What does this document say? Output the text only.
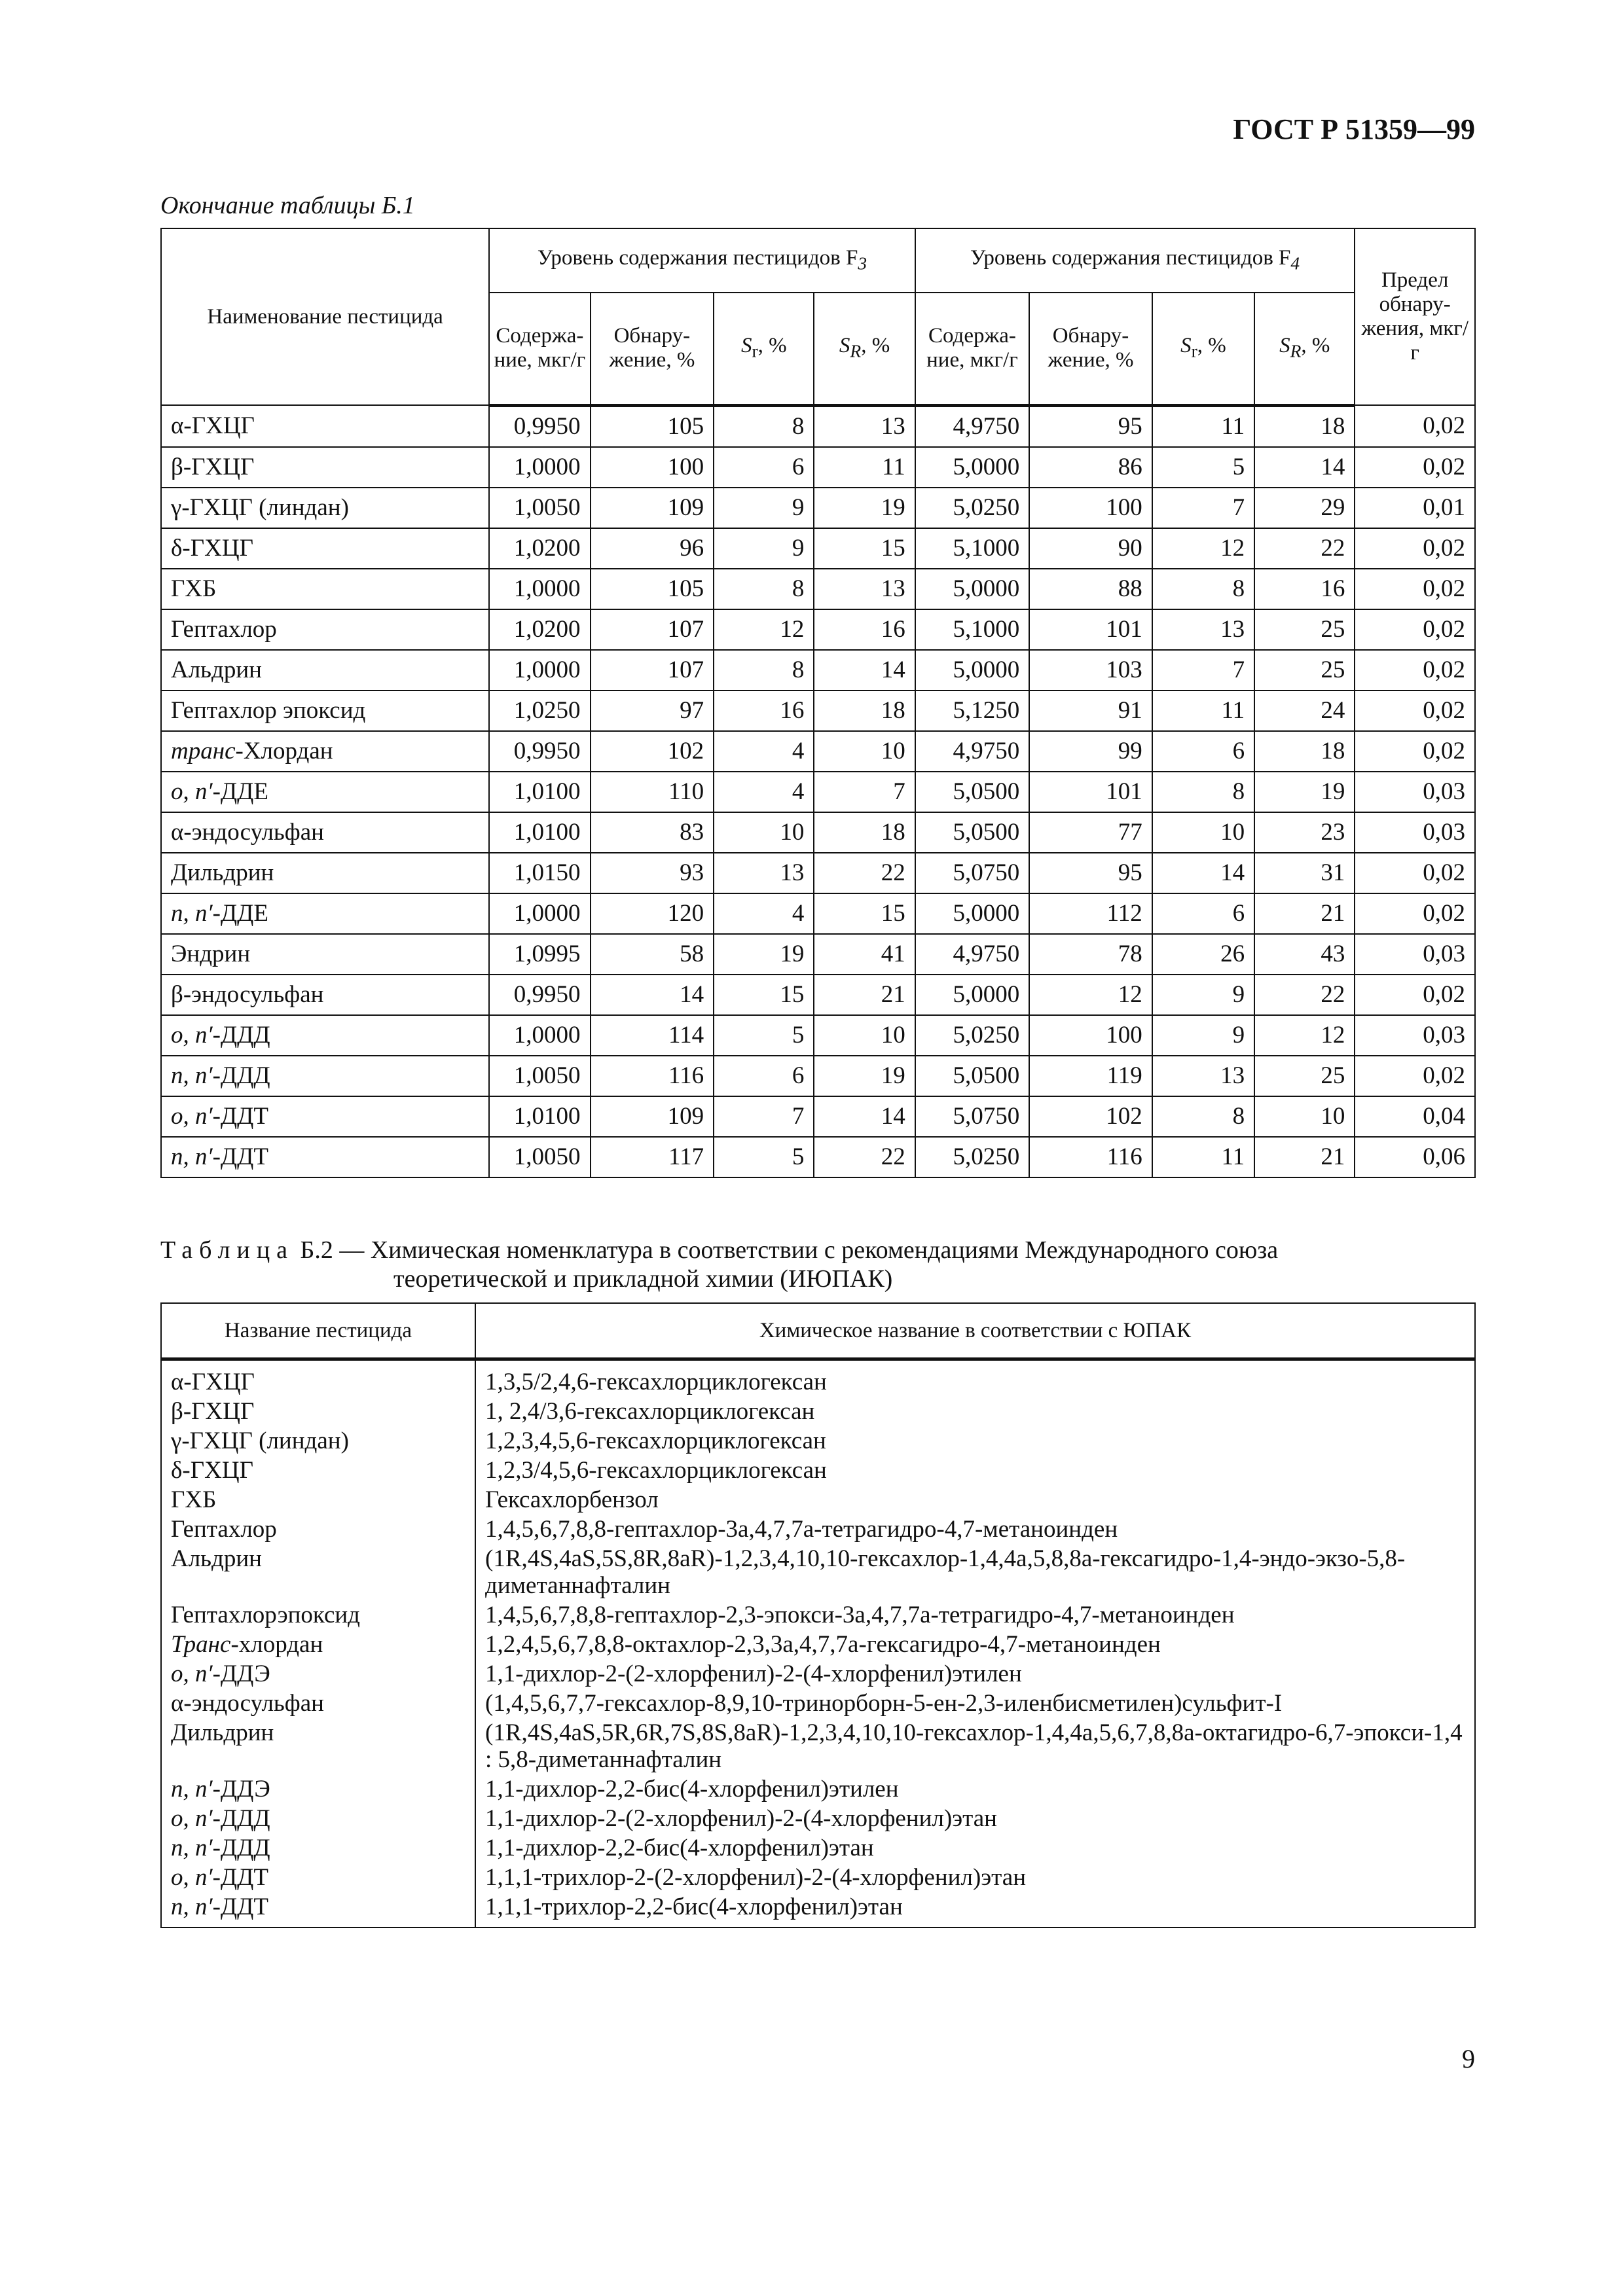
ГОСТ Р 51359—99
Окончание таблицы Б.1
Наименование пестицида	Уровень содержания пестицидов $F_3$				Уровень содержания пестицидов $F_4$				Предел обнару-жения, мкг/г
	Содержа-ние, мкг/г	Обнару-жение, %	$S_r$, %	$S_R$, %	Содержа-ние, мкг/г	Обнару-жение, %	$S_r$, %	$S_R$, %	
α-ГХЦГ	0,9950	105	8	13	4,9750	95	11	18	0,02
β-ГХЦГ	1,0000	100	6	11	5,0000	86	5	14	0,02
γ-ГХЦГ (линдан)	1,0050	109	9	19	5,0250	100	7	29	0,01
δ-ГХЦГ	1,0200	96	9	15	5,1000	90	12	22	0,02
ГХБ	1,0000	105	8	13	5,0000	88	8	16	0,02
Гептахлор	1,0200	107	12	16	5,1000	101	13	25	0,02
Альдрин	1,0000	107	8	14	5,0000	103	7	25	0,02
Гептахлор эпоксид	1,0250	97	16	18	5,1250	91	11	24	0,02
транс-Хлордан	0,9950	102	4	10	4,9750	99	6	18	0,02
о, п′-ДДЕ	1,0100	110	4	7	5,0500	101	8	19	0,03
α-эндосульфан	1,0100	83	10	18	5,0500	77	10	23	0,03
Дильдрин	1,0150	93	13	22	5,0750	95	14	31	0,02
п, п′-ДДЕ	1,0000	120	4	15	5,0000	112	6	21	0,02
Эндрин	1,0995	58	19	41	4,9750	78	26	43	0,03
β-эндосульфан	0,9950	14	15	21	5,0000	12	9	22	0,02
о, п′-ДДД	1,0000	114	5	10	5,0250	100	9	12	0,03
п, п′-ДДД	1,0050	116	6	19	5,0500	119	13	25	0,02
о, п′-ДДТ	1,0100	109	7	14	5,0750	102	8	10	0,04
п, п′-ДДТ	1,0050	117	5	22	5,0250	116	11	21	0,06
Таблица Б.2 — Химическая номенклатура в соответствии с рекомендациями Международного союза
теоретической и прикладной химии (ИЮПАК)
Название пестицида	Химическое название в соответствии с ЮПАК
α-ГХЦГ	1,3,5/2,4,6-гексахлорциклогексан
β-ГХЦГ	1, 2,4/3,6-гексахлорциклогексан
γ-ГХЦГ (линдан)	1,2,3,4,5,6-гексахлорциклогексан
δ-ГХЦГ	1,2,3/4,5,6-гексахлорциклогексан
ГХБ	Гексахлорбензол
Гептахлор	1,4,5,6,7,8,8-гептахлор-3а,4,7,7а-тетрагидро-4,7-метаноинден
Альдрин	(1R,4S,4aS,5S,8R,8aR)-1,2,3,4,10,10-гексахлор-1,4,4a,5,8,8a-гексагидро-1,4-эндо-экзо-5,8-диметаннафталин
Гептахлорэпоксид	1,4,5,6,7,8,8-гептахлор-2,3-эпокси-3а,4,7,7а-тетрагидро-4,7-метаноинден
Транс-хлордан	1,2,4,5,6,7,8,8-октахлор-2,3,3а,4,7,7а-гексагидро-4,7-метаноинден
о, п′-ДДЭ	1,1-дихлор-2-(2-хлорфенил)-2-(4-хлорфенил)этилен
α-эндосульфан	(1,4,5,6,7,7-гексахлор-8,9,10-тринорборн-5-ен-2,3-иленбисметилен)сульфит-I
Дильдрин	(1R,4S,4aS,5R,6R,7S,8S,8aR)-1,2,3,4,10,10-гексахлор-1,4,4a,5,6,7,8,8a-октагидро-6,7-эпокси-1,4 : 5,8-диметаннафталин
п, п′-ДДЭ	1,1-дихлор-2,2-бис(4-хлорфенил)этилен
о, п′-ДДД	1,1-дихлор-2-(2-хлорфенил)-2-(4-хлорфенил)этан
п, п′-ДДД	1,1-дихлор-2,2-бис(4-хлорфенил)этан
о, п′-ДДТ	1,1,1-трихлор-2-(2-хлорфенил)-2-(4-хлорфенил)этан
п, п′-ДДТ	1,1,1-трихлор-2,2-бис(4-хлорфенил)этан
9
